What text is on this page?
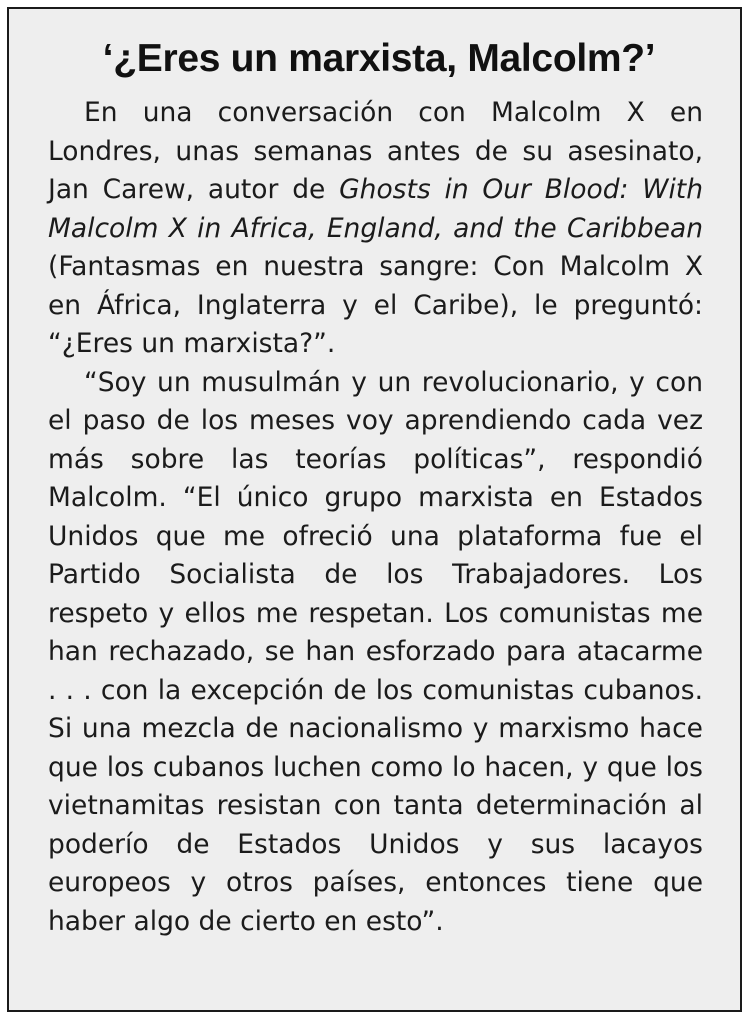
‘¿Eres un marxista, Malcolm?’

En una conversación con Malcolm X en Londres, unas semanas antes de su asesinato, Jan Carew, autor de Ghosts in Our Blood: With Malcolm X in Africa, England, and the Caribbean (Fantasmas en nuestra sangre: Con Malcolm X en África, Inglaterra y el Caribe), le preguntó: “¿Eres un marxista?”.

“Soy un musulmán y un revolucionario, y con el paso de los meses voy aprendiendo cada vez más sobre las teorías políticas”, respondió Malcolm. “El único grupo marxista en Estados Unidos que me ofreció una plataforma fue el Partido Socialista de los Trabajadores. Los respeto y ellos me respetan. Los comunistas me han rechazado, se han esforzado para atacarme . . . con la excepción de los comunistas cubanos. Si una mezcla de nacionalismo y marxismo hace que los cubanos luchen como lo hacen, y que los vietnamitas resistan con tanta determinación al poderío de Estados Unidos y sus lacayos europeos y otros países, entonces tiene que haber algo de cierto en esto”.
